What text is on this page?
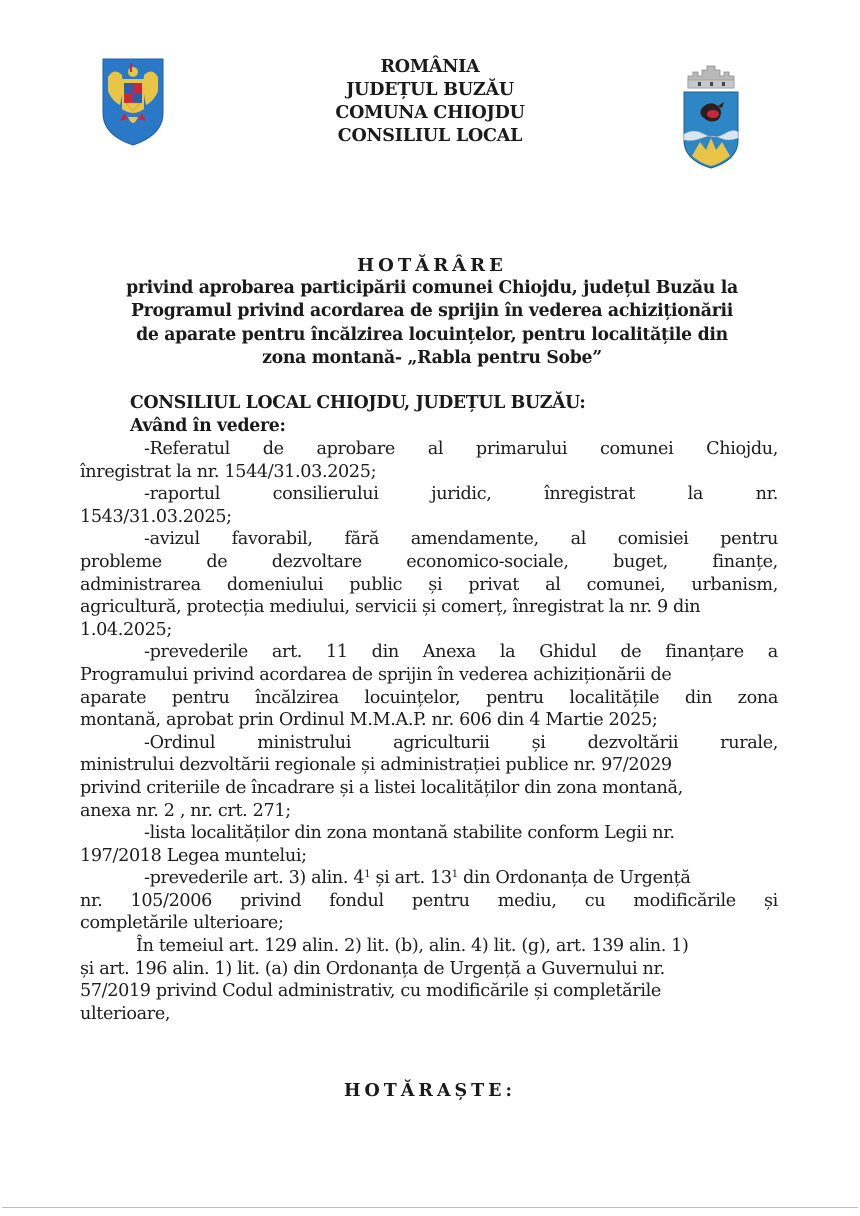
ROMÂNIA
JUDEȚUL BUZĂU
COMUNA CHIOJDU
CONSILIUL LOCAL
HOTĂRÂRE
privind aprobarea participării comunei Chiojdu, județul Buzău la
Programul privind acordarea de sprijin în vederea achiziționării
de aparate pentru încălzirea locuințelor, pentru localitățile din
zona montană- „Rabla pentru Sobe”
CONSILIUL LOCAL CHIOJDU, JUDEȚUL BUZĂU:
Având în vedere:
-Referatul de aprobare al primarului comunei Chiojdu,
înregistrat la nr. 1544/31.03.2025;
-raportul	consilierului	juridic,	înregistrat	la	nr.
1543/31.03.2025;
-avizul favorabil, fără amendamente, al comisiei pentru
probleme	de	dezvoltare	economico-sociale,	buget,	finanțe,
administrarea domeniului public și privat al comunei, urbanism,
agricultură, protecția mediului, servicii și comerț, înregistrat la nr. 9 din
1.04.2025;
-prevederile art. 11 din Anexa la Ghidul de finanțare a
Programului privind acordarea de sprijin în vederea achiziționării de
aparate pentru încălzirea locuințelor, pentru localitățile din zona
montană, aprobat prin Ordinul M.M.A.P. nr. 606 din 4 Martie 2025;
-Ordinul ministrului agriculturii și dezvoltării rurale,
ministrului dezvoltării regionale și administrației publice nr. 97/2029
privind criteriile de încadrare și a listei localităților din zona montană,
anexa nr. 2 , nr. crt. 271;
-lista localităților din zona montană stabilite conform Legii nr.
197/2018 Legea muntelui;
-prevederile art. 3) alin. $4^1$ și art. $13^1$ din Ordonanța de Urgență
nr. 105/2006 privind fondul pentru mediu, cu modificările și
completările ulterioare;
În temeiul art. 129 alin. 2) lit. (b), alin. 4) lit. (g), art. 139 alin. 1)
și art. 196 alin. 1) lit. (a) din Ordonanța de Urgență a Guvernului nr.
57/2019 privind Codul administrativ, cu modificările și completările
ulterioare,
HOTĂRAȘTE:
